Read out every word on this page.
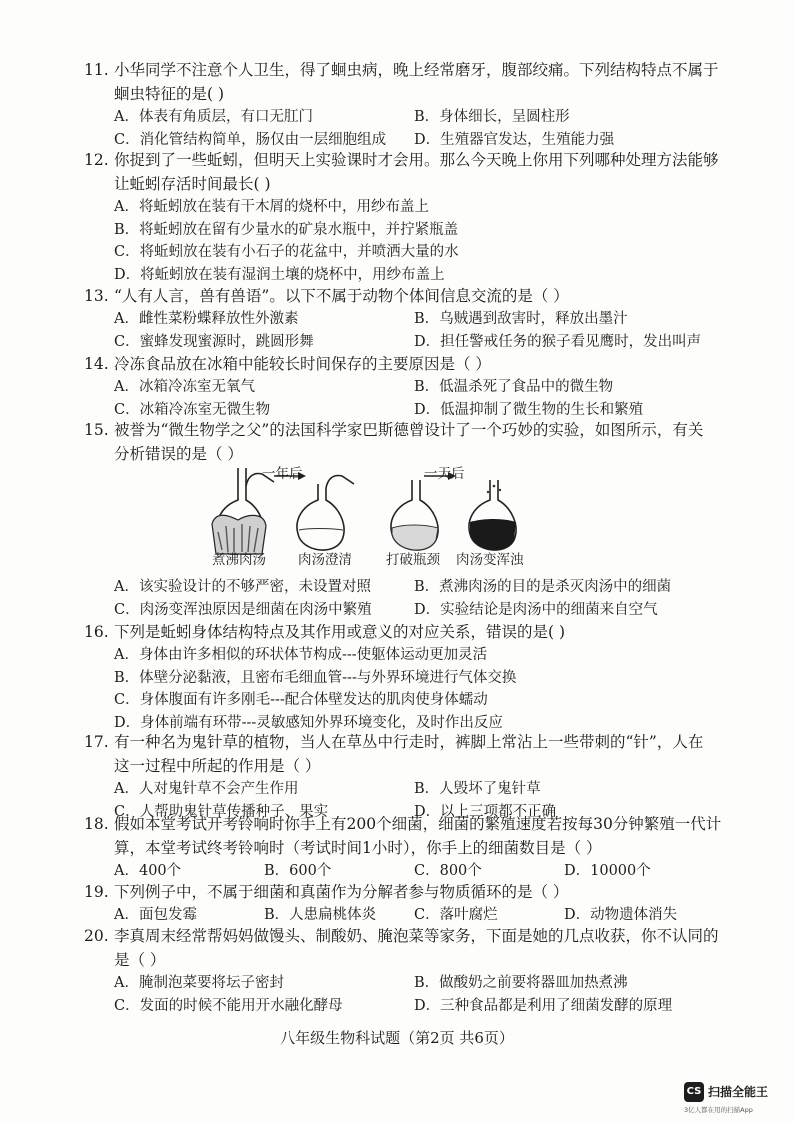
11. 小华同学不注意个人卫生，得了蛔虫病，晚上经常磨牙，腹部绞痛。下列结构特点不属于
蛔虫特征的是( )
A．体表有角质层，有口无肛门	B．身体细长，呈圆柱形
C．消化管结构简单，肠仅由一层细胞组成	D．生殖器官发达，生殖能力强
12. 你捉到了一些蚯蚓，但明天上实验课时才会用。那么今天晚上你用下列哪种处理方法能够
让蚯蚓存活时间最长( )
A．将蚯蚓放在装有干木屑的烧杯中，用纱布盖上
B．将蚯蚓放在留有少量水的矿泉水瓶中，并拧紧瓶盖
C．将蚯蚓放在装有小石子的花盆中，并喷洒大量的水
D．将蚯蚓放在装有湿润土壤的烧杯中，用纱布盖上
13. “人有人言，兽有兽语”。以下不属于动物个体间信息交流的是（ ）
A．雌性菜粉蝶释放性外激素	B．乌贼遇到敌害时，释放出墨汁
C．蜜蜂发现蜜源时，跳圆形舞	D．担任警戒任务的猴子看见鹰时，发出叫声
14. 冷冻食品放在冰箱中能较长时间保存的主要原因是（ ）
A．冰箱冷冻室无氧气	B．低温杀死了食品中的微生物
C．冰箱冷冻室无微生物	D．低温抑制了微生物的生长和繁殖
15. 被誉为“微生物学之父”的法国科学家巴斯德曾设计了一个巧妙的实验，如图所示，有关
分析错误的是（ ）
一年后	一天后
煮沸肉汤 肉汤澄清	打破瓶颈 肉汤变浑浊
A．该实验设计的不够严密，未设置对照	B．煮沸肉汤的目的是杀灭肉汤中的细菌
C．肉汤变浑浊原因是细菌在肉汤中繁殖	D．实验结论是肉汤中的细菌来自空气
16. 下列是蚯蚓身体结构特点及其作用或意义的对应关系，错误的是( )
A．身体由许多相似的环状体节构成---使躯体运动更加灵活
B．体壁分泌黏液，且密布毛细血管---与外界环境进行气体交换
C．身体腹面有许多刚毛---配合体壁发达的肌肉使身体蠕动
D．身体前端有环带---灵敏感知外界环境变化，及时作出反应
17. 有一种名为鬼针草的植物，当人在草丛中行走时，裤脚上常沾上一些带刺的“针”，人在
这一过程中所起的作用是（ ）
A．人对鬼针草不会产生作用	B．人毁坏了鬼针草
C．人帮助鬼针草传播种子、果实	D．以上三项都不正确
18. 假如本堂考试开考铃响时你手上有200个细菌，细菌的繁殖速度若按每30分钟繁殖一代计
算，本堂考试终考铃响时（考试时间1小时），你手上的细菌数目是（ ）
A．400个	B．600个	C．800个	D．10000个
19. 下列例子中，不属于细菌和真菌作为分解者参与物质循环的是（ ）
A．面包发霉	B．人患扁桃体炎	C．落叶腐烂	D．动物遗体消失
20. 李真周末经常帮妈妈做馒头、制酸奶、腌泡菜等家务，下面是她的几点收获，你不认同的
是（ ）
A．腌制泡菜要将坛子密封	B．做酸奶之前要将器皿加热煮沸
C．发面的时候不能用开水融化酵母	D．三种食品都是利用了细菌发酵的原理
八年级生物科试题（第2页 共6页）
CS 扫描全能王
3亿人都在用的扫描App
